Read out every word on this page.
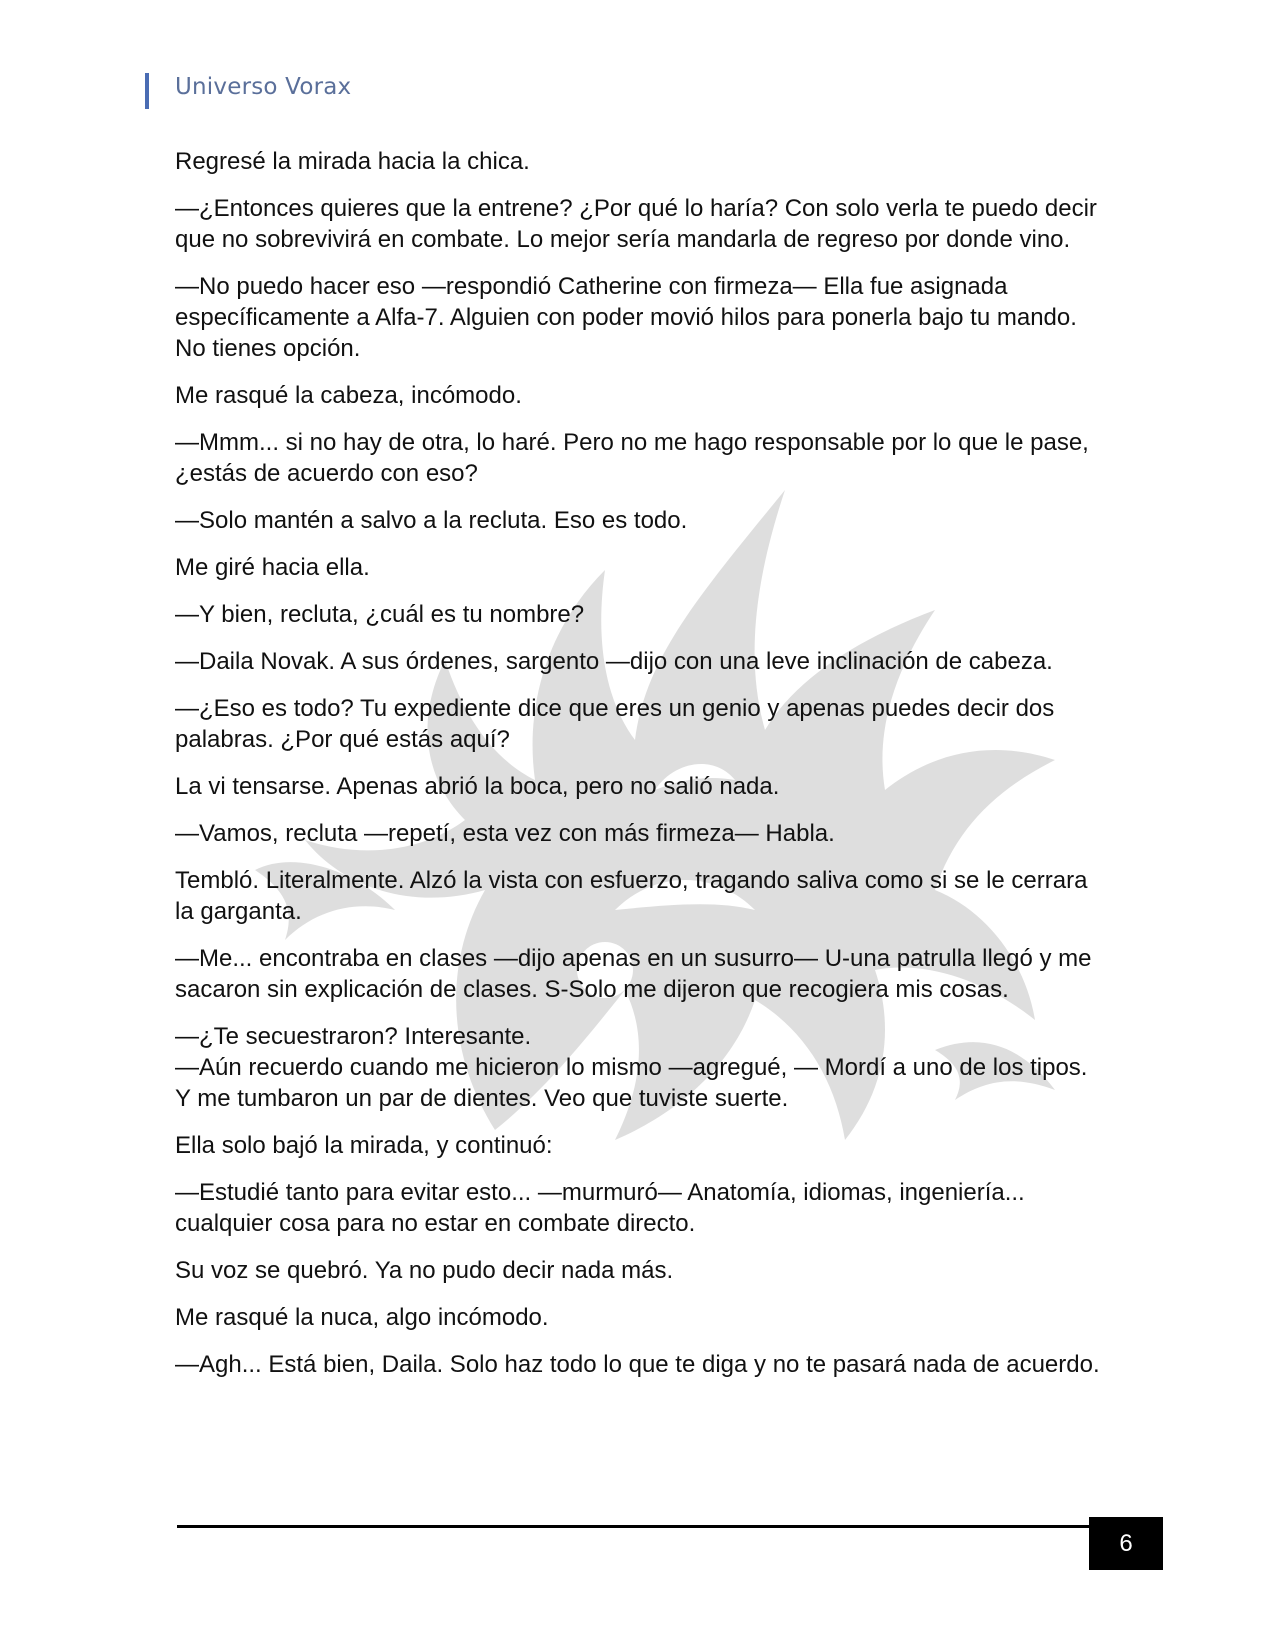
Universo Vorax

Regresé la mirada hacia la chica.

—¿Entonces quieres que la entrene? ¿Por qué lo haría? Con solo verla te puedo decir que no sobrevivirá en combate. Lo mejor sería mandarla de regreso por donde vino.

—No puedo hacer eso —respondió Catherine con firmeza— Ella fue asignada específicamente a Alfa-7. Alguien con poder movió hilos para ponerla bajo tu mando. No tienes opción.

Me rasqué la cabeza, incómodo.

—Mmm... si no hay de otra, lo haré. Pero no me hago responsable por lo que le pase, ¿estás de acuerdo con eso?

—Solo mantén a salvo a la recluta. Eso es todo.

Me giré hacia ella.

—Y bien, recluta, ¿cuál es tu nombre?

—Daila Novak. A sus órdenes, sargento —dijo con una leve inclinación de cabeza.

—¿Eso es todo? Tu expediente dice que eres un genio y apenas puedes decir dos palabras. ¿Por qué estás aquí?

La vi tensarse. Apenas abrió la boca, pero no salió nada.

—Vamos, recluta —repetí, esta vez con más firmeza— Habla.

Tembló. Literalmente. Alzó la vista con esfuerzo, tragando saliva como si se le cerrara la garganta.

—Me... encontraba en clases —dijo apenas en un susurro— U-una patrulla llegó y me sacaron sin explicación de clases. S-Solo me dijeron que recogiera mis cosas.

—¿Te secuestraron? Interesante.
—Aún recuerdo cuando me hicieron lo mismo —agregué, — Mordí a uno de los tipos. Y me tumbaron un par de dientes. Veo que tuviste suerte.

Ella solo bajó la mirada, y continuó:

—Estudié tanto para evitar esto... —murmuró— Anatomía, idiomas, ingeniería... cualquier cosa para no estar en combate directo.

Su voz se quebró. Ya no pudo decir nada más.

Me rasqué la nuca, algo incómodo.

—Agh... Está bien, Daila. Solo haz todo lo que te diga y no te pasará nada de acuerdo.

6
